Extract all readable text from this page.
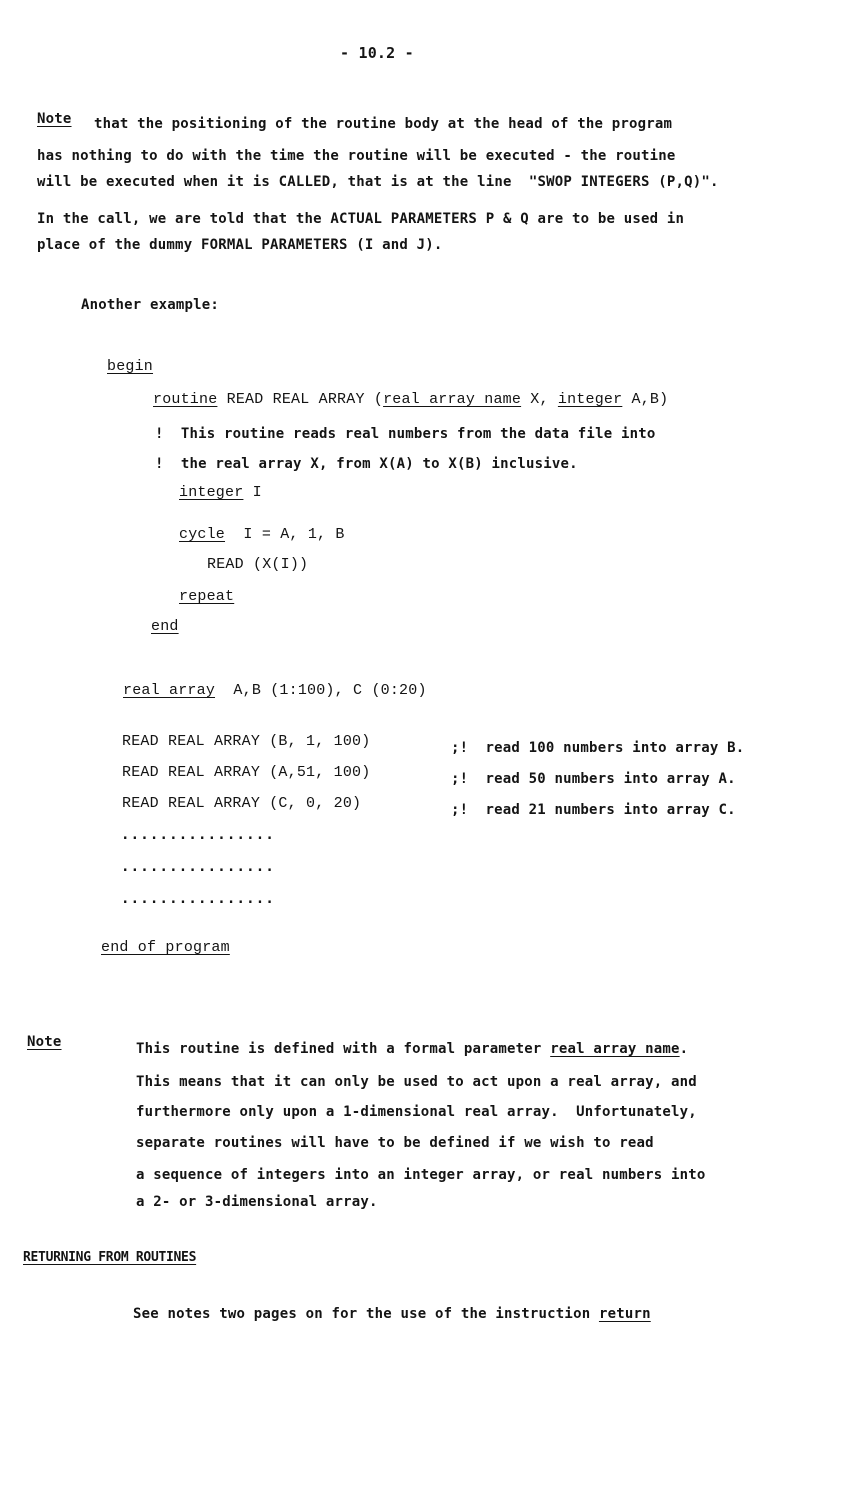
- 10.2 -
Note that the positioning of the routine body at the head of the program
has nothing to do with the time the routine will be executed - the routine
will be executed when it is CALLED, that is at the line  "SWOP INTEGERS (P,Q)".
In the call, we are told that the ACTUAL PARAMETERS P & Q are to be used in
place of the dummy FORMAL PARAMETERS (I and J).
Another example:
begin
routine READ REAL ARRAY (real array name X, integer A,B)
!  This routine reads real numbers from the data file into
!  the real array X, from X(A) to X(B) inclusive.
integer I
cycle  I = A, 1, B
READ (X(I))
repeat
end
real array  A,B (1:100), C (0:20)
READ REAL ARRAY (B, 1, 100)	;!  read 100 numbers into array B.
READ REAL ARRAY (A,51, 100)	;!  read 50 numbers into array A.
READ REAL ARRAY (C, 0, 20)	;!  read 21 numbers into array C.
................
................
................
end of program
Note	This routine is defined with a formal parameter real array name.
This means that it can only be used to act upon a real array, and
furthermore only upon a 1-dimensional real array.  Unfortunately,
separate routines will have to be defined if we wish to read
a sequence of integers into an integer array, or real numbers into
a 2- or 3-dimensional array.
RETURNING FROM ROUTINES
See notes two pages on for the use of the instruction return
